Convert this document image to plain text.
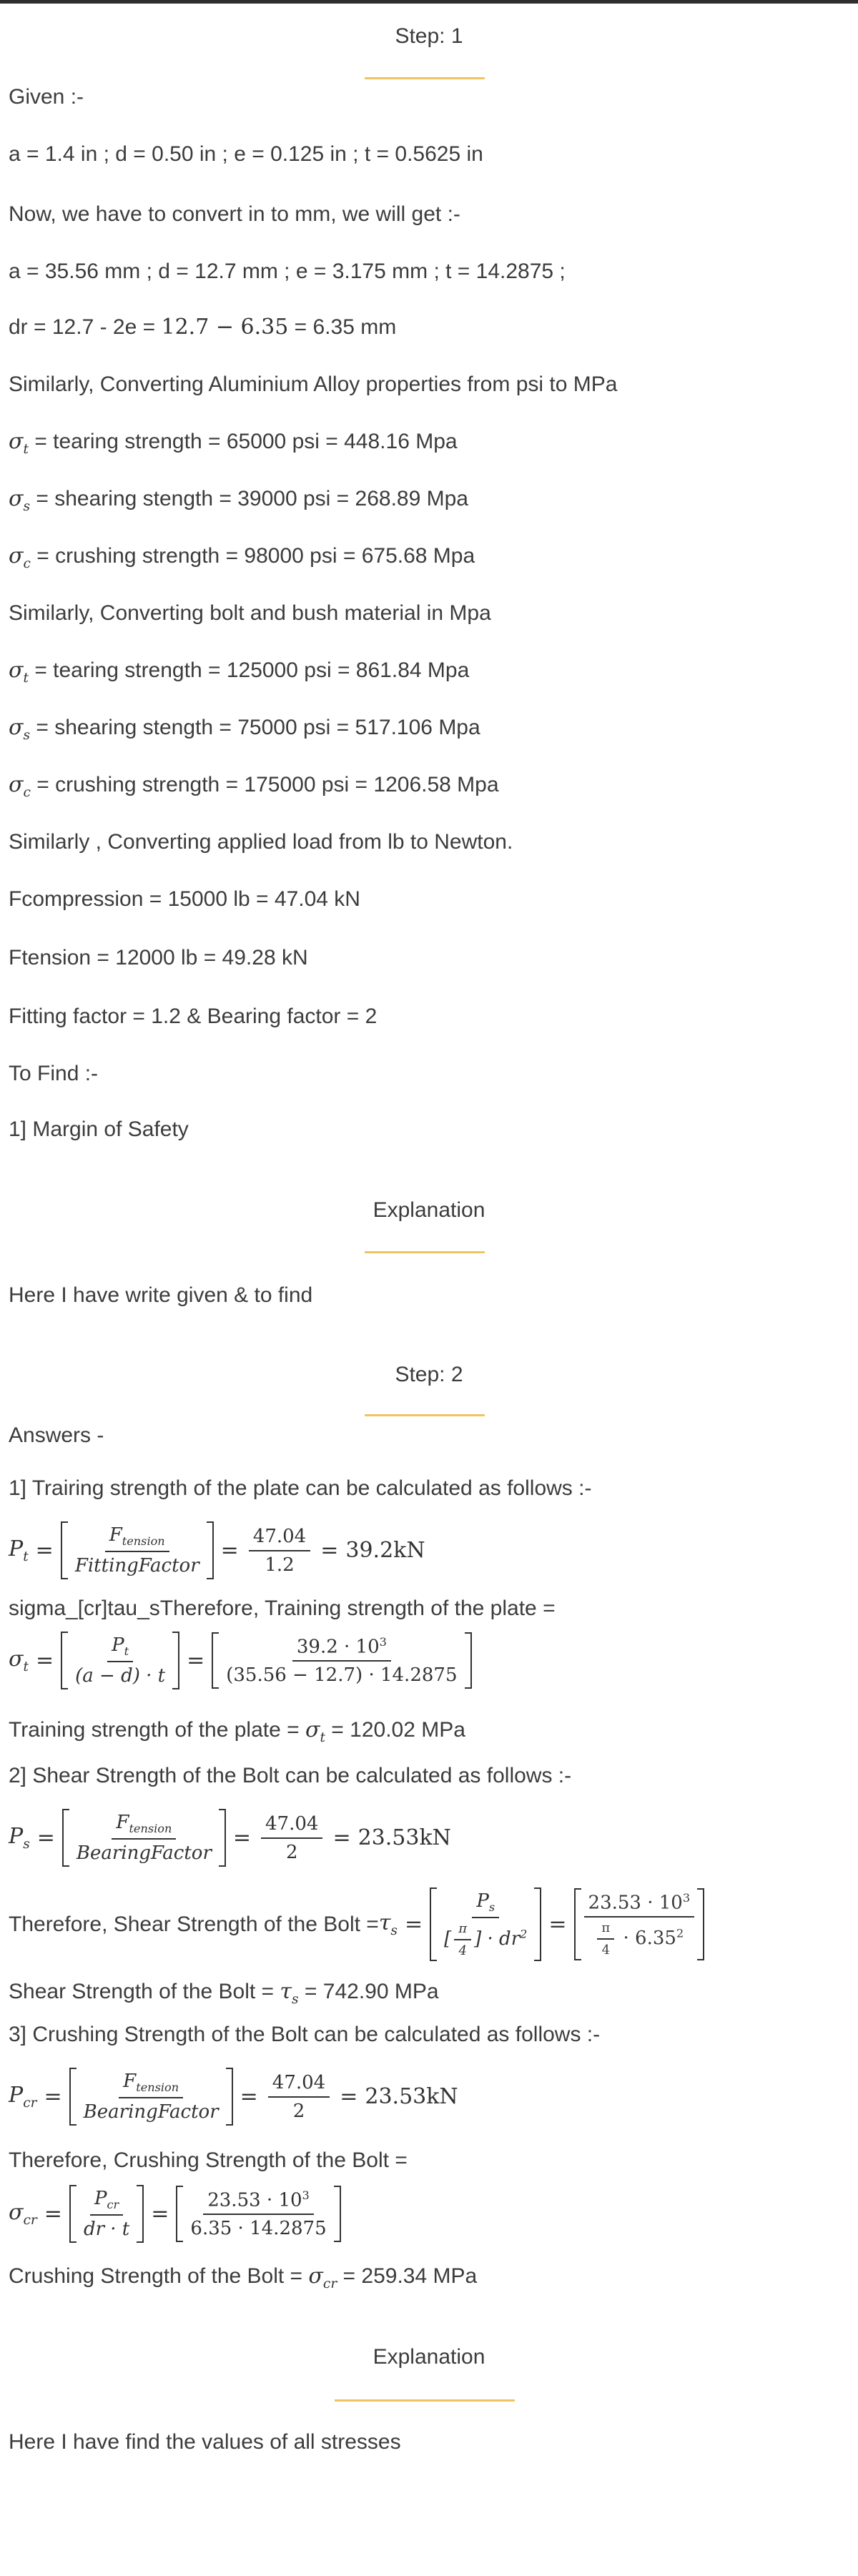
Step: 1
Given :-
a = 1.4 in ; d = 0.50 in ; e = 0.125 in ; t = 0.5625 in
Now, we have to convert in to mm, we will get :-
a = 35.56 mm ; d = 12.7 mm ; e = 3.175 mm ; t = 14.2875 ;
dr = 12.7 - 2e = 12.7 − 6.35 = 6.35 mm
Similarly, Converting Aluminium Alloy properties from psi to MPa
$\sigma_t$ = tearing strength = 65000 psi = 448.16 Mpa
$\sigma_s$ = shearing stength = 39000 psi = 268.89 Mpa
$\sigma_c$ = crushing strength = 98000 psi = 675.68 Mpa
Similarly, Converting bolt and bush material in Mpa
$\sigma_t$ = tearing strength = 125000 psi = 861.84 Mpa
$\sigma_s$ = shearing stength = 75000 psi = 517.106 Mpa
$\sigma_c$ = crushing strength = 175000 psi = 1206.58 Mpa
Similarly , Converting applied load from lb to Newton.
Fcompression = 15000 lb = 47.04 kN
Ftension = 12000 lb = 49.28 kN
Fitting factor = 1.2 & Bearing factor = 2
To Find :-
1] Margin of Safety
Explanation
Here I have write given & to find
Step: 2
Answers -
1] Trairing strength of the plate can be calculated as follows :-
$P_t = \frac{F_{tension}}{\text{FittingFactor}} = \frac{47.04}{1.2} = 39.2kN$
sigma_[cr]tau_sTherefore, Training strength of the plate =
$\sigma_t = \frac{P_t}{(a - d) \cdot t} = \frac{39.2 \cdot 10^3}{(35.56 - 12.7) \cdot 14.2875}$
Training strength of the plate = $\sigma_t = 120.02$ MPa
2] Shear Strength of the Bolt can be calculated as follows :-
$P_s = \frac{F_{tension}}{\text{BearingFactor}} = \frac{47.04}{2} = 23.53kN$
Therefore, Shear Strength of the Bolt = $\tau_s = \frac{P_s}{[ \frac{\pi}{4} ] \cdot dr^2} = \frac{23.53 \cdot 10^3}{\frac{\pi}{4} \cdot 6.35^2}$
Shear Strength of the Bolt = $\tau_s = 742.90$ MPa
3] Crushing Strength of the Bolt can be calculated as follows :-
$P_{cr} = \frac{F_{tension}}{\text{BearingFactor}} = \frac{47.04}{2} = 23.53kN$
Therefore, Crushing Strength of the Bolt =
$\sigma_{cr} = \frac{P_{cr}}{dr \cdot t} = \frac{23.53 \cdot 10^3}{6.35 \cdot 14.2875}$
Crushing Strength of the Bolt = $\sigma_{cr} = 259.34$ MPa
Explanation
Here I have find the values of all stresses
